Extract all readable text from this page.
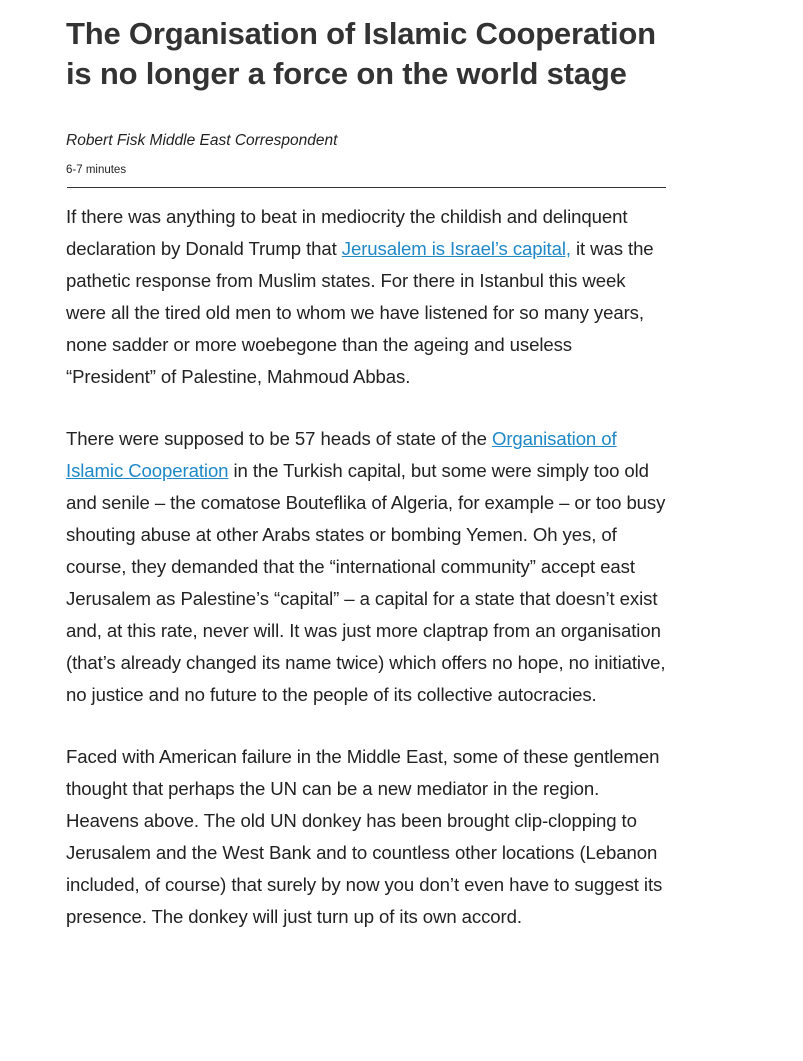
The Organisation of Islamic Cooperation is no longer a force on the world stage
Robert Fisk Middle East Correspondent
6-7 minutes

If there was anything to beat in mediocrity the childish and delinquent declaration by Donald Trump that Jerusalem is Israel’s capital, it was the pathetic response from Muslim states. For there in Istanbul this week were all the tired old men to whom we have listened for so many years, none sadder or more woebegone than the ageing and useless “President” of Palestine, Mahmoud Abbas.

There were supposed to be 57 heads of state of the Organisation of Islamic Cooperation in the Turkish capital, but some were simply too old and senile – the comatose Bouteflika of Algeria, for example – or too busy shouting abuse at other Arabs states or bombing Yemen. Oh yes, of course, they demanded that the “international community” accept east Jerusalem as Palestine’s “capital” – a capital for a state that doesn’t exist and, at this rate, never will. It was just more claptrap from an organisation (that’s already changed its name twice) which offers no hope, no initiative, no justice and no future to the people of its collective autocracies.

Faced with American failure in the Middle East, some of these gentlemen thought that perhaps the UN can be a new mediator in the region. Heavens above. The old UN donkey has been brought clip-clopping to Jerusalem and the West Bank and to countless other locations (Lebanon included, of course) that surely by now you don’t even have to suggest its presence. The donkey will just turn up of its own accord.
